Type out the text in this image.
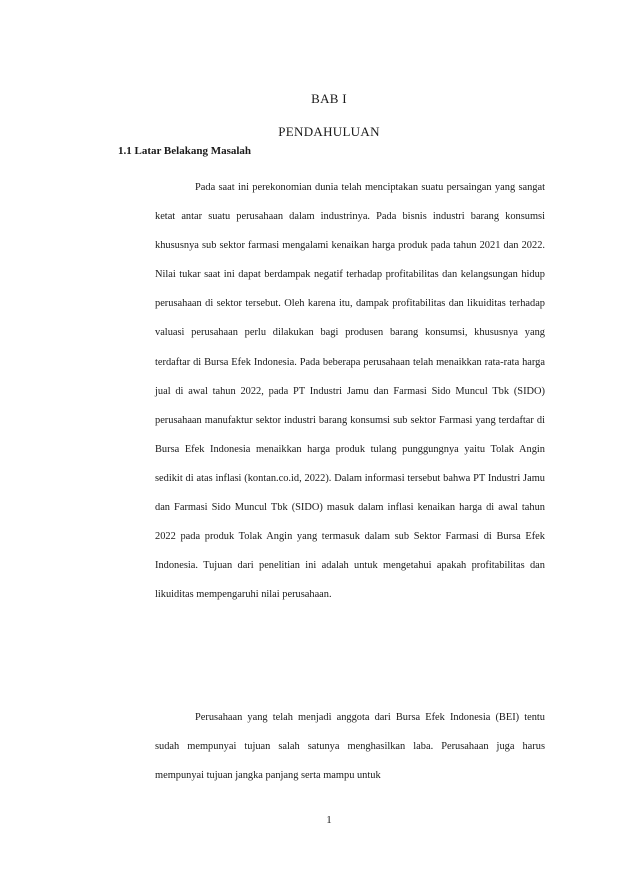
BAB I
PENDAHULUAN
1.1 Latar Belakang Masalah

Pada saat ini perekonomian dunia telah menciptakan suatu persaingan yang sangat ketat antar suatu perusahaan dalam industrinya. Pada bisnis industri barang konsumsi khususnya sub sektor farmasi mengalami kenaikan harga produk pada tahun 2021 dan 2022. Nilai tukar saat ini dapat berdampak negatif terhadap profitabilitas dan kelangsungan hidup perusahaan di sektor tersebut. Oleh karena itu, dampak profitabilitas dan likuiditas terhadap valuasi perusahaan perlu dilakukan bagi produsen barang konsumsi, khususnya yang terdaftar di Bursa Efek Indonesia. Pada beberapa perusahaan telah menaikkan rata-rata harga jual di awal tahun 2022, pada PT Industri Jamu dan Farmasi Sido Muncul Tbk (SIDO) perusahaan manufaktur sektor industri barang konsumsi sub sektor Farmasi yang terdaftar di Bursa Efek Indonesia menaikkan harga produk tulang punggungnya yaitu Tolak Angin sedikit di atas inflasi (kontan.co.id, 2022). Dalam informasi tersebut bahwa PT Industri Jamu dan Farmasi Sido Muncul Tbk (SIDO) masuk dalam inflasi kenaikan harga di awal tahun 2022 pada produk Tolak Angin yang termasuk dalam sub Sektor Farmasi di Bursa Efek Indonesia. Tujuan dari penelitian ini adalah untuk mengetahui apakah profitabilitas dan likuiditas mempengaruhi nilai perusahaan.

Perusahaan yang telah menjadi anggota dari Bursa Efek Indonesia (BEI) tentu sudah mempunyai tujuan salah satunya menghasilkan laba. Perusahaan juga harus mempunyai tujuan jangka panjang serta mampu untuk

1
